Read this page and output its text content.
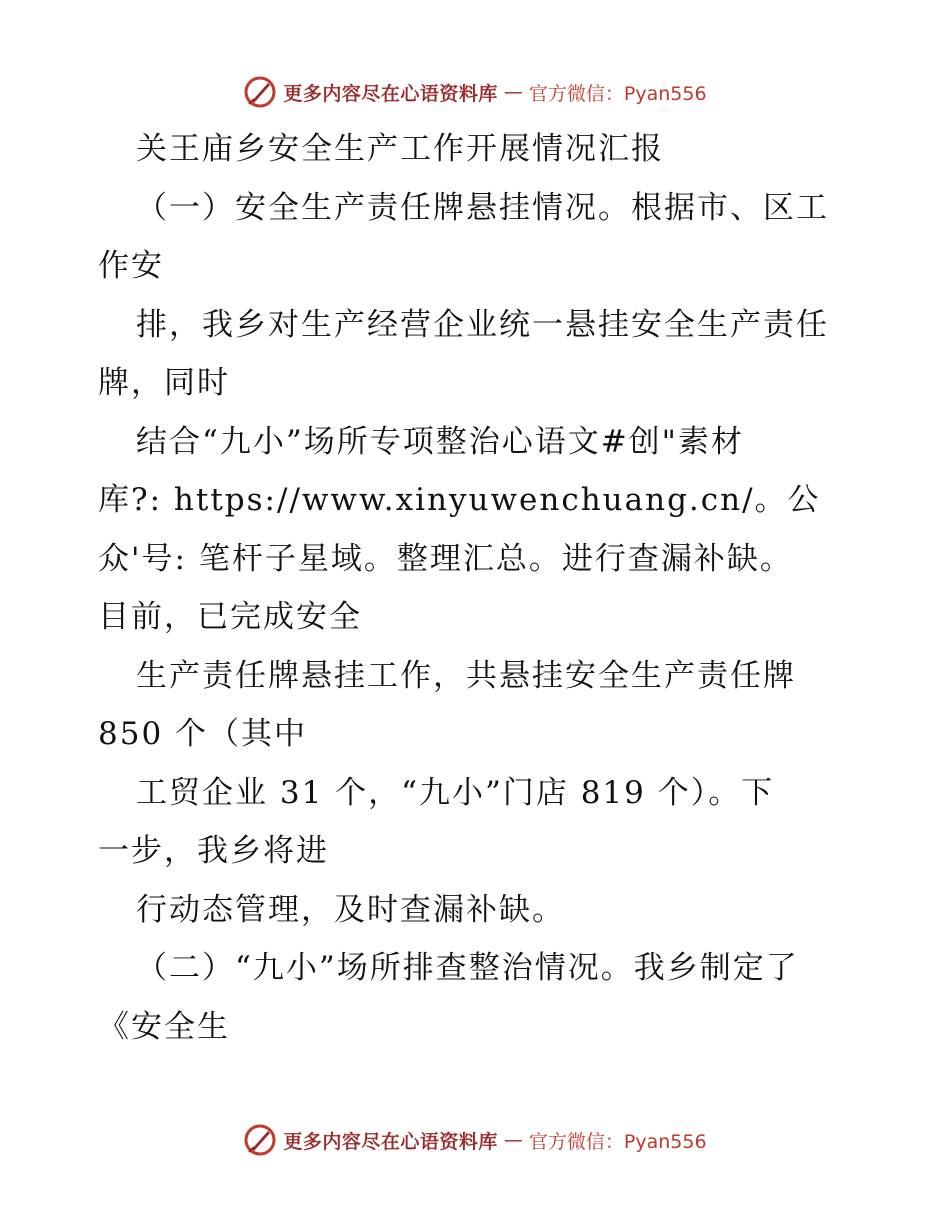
更多内容尽在心语资料库 — 官方微信：Pyan556
关王庙乡安全生产工作开展情况汇报
（一）安全生产责任牌悬挂情况。根据市、区工
作安
排，我乡对生产经营企业统一悬挂安全生产责任
牌，同时
结合“九小”场所专项整治心语文#创"素材
库?: https://www.xinyuwenchuang.cn/。公
众'号: 笔杆子星域。整理汇总。进行查漏补缺。
目前，已完成安全
生产责任牌悬挂工作，共悬挂安全生产责任牌
850 个（其中
工贸企业 31 个，“九小”门店 819 个）。下
一步，我乡将进
行动态管理，及时查漏补缺。
（二）“九小”场所排查整治情况。我乡制定了
《安全生
更多内容尽在心语资料库 — 官方微信：Pyan556
